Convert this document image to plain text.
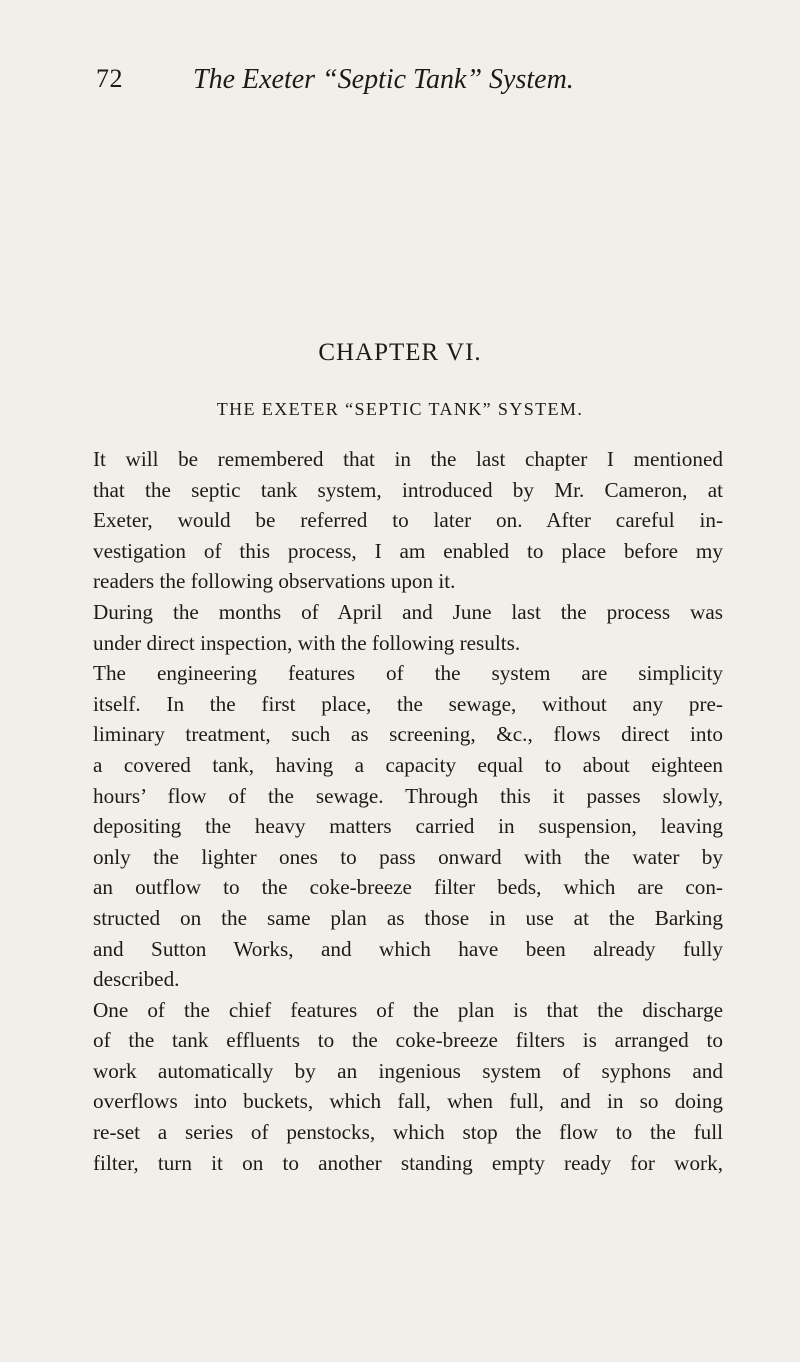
72	The Exeter “Septic Tank” System.
CHAPTER VI.
THE EXETER “SEPTIC TANK” SYSTEM.
It will be remembered that in the last chapter I mentioned
that the septic tank system, introduced by Mr. Cameron, at
Exeter, would be referred to later on. After careful in-
vestigation of this process, I am enabled to place before my
readers the following observations upon it.
During the months of April and June last the process was
under direct inspection, with the following results.
The engineering features of the system are simplicity
itself. In the first place, the sewage, without any pre-
liminary treatment, such as screening, &c., flows direct into
a covered tank, having a capacity equal to about eighteen
hours’ flow of the sewage. Through this it passes slowly,
depositing the heavy matters carried in suspension, leaving
only the lighter ones to pass onward with the water by
an outflow to the coke-breeze filter beds, which are con-
structed on the same plan as those in use at the Barking
and Sutton Works, and which have been already fully
described.
One of the chief features of the plan is that the discharge
of the tank effluents to the coke-breeze filters is arranged to
work automatically by an ingenious system of syphons and
overflows into buckets, which fall, when full, and in so doing
re-set a series of penstocks, which stop the flow to the full
filter, turn it on to another standing empty ready for work,
